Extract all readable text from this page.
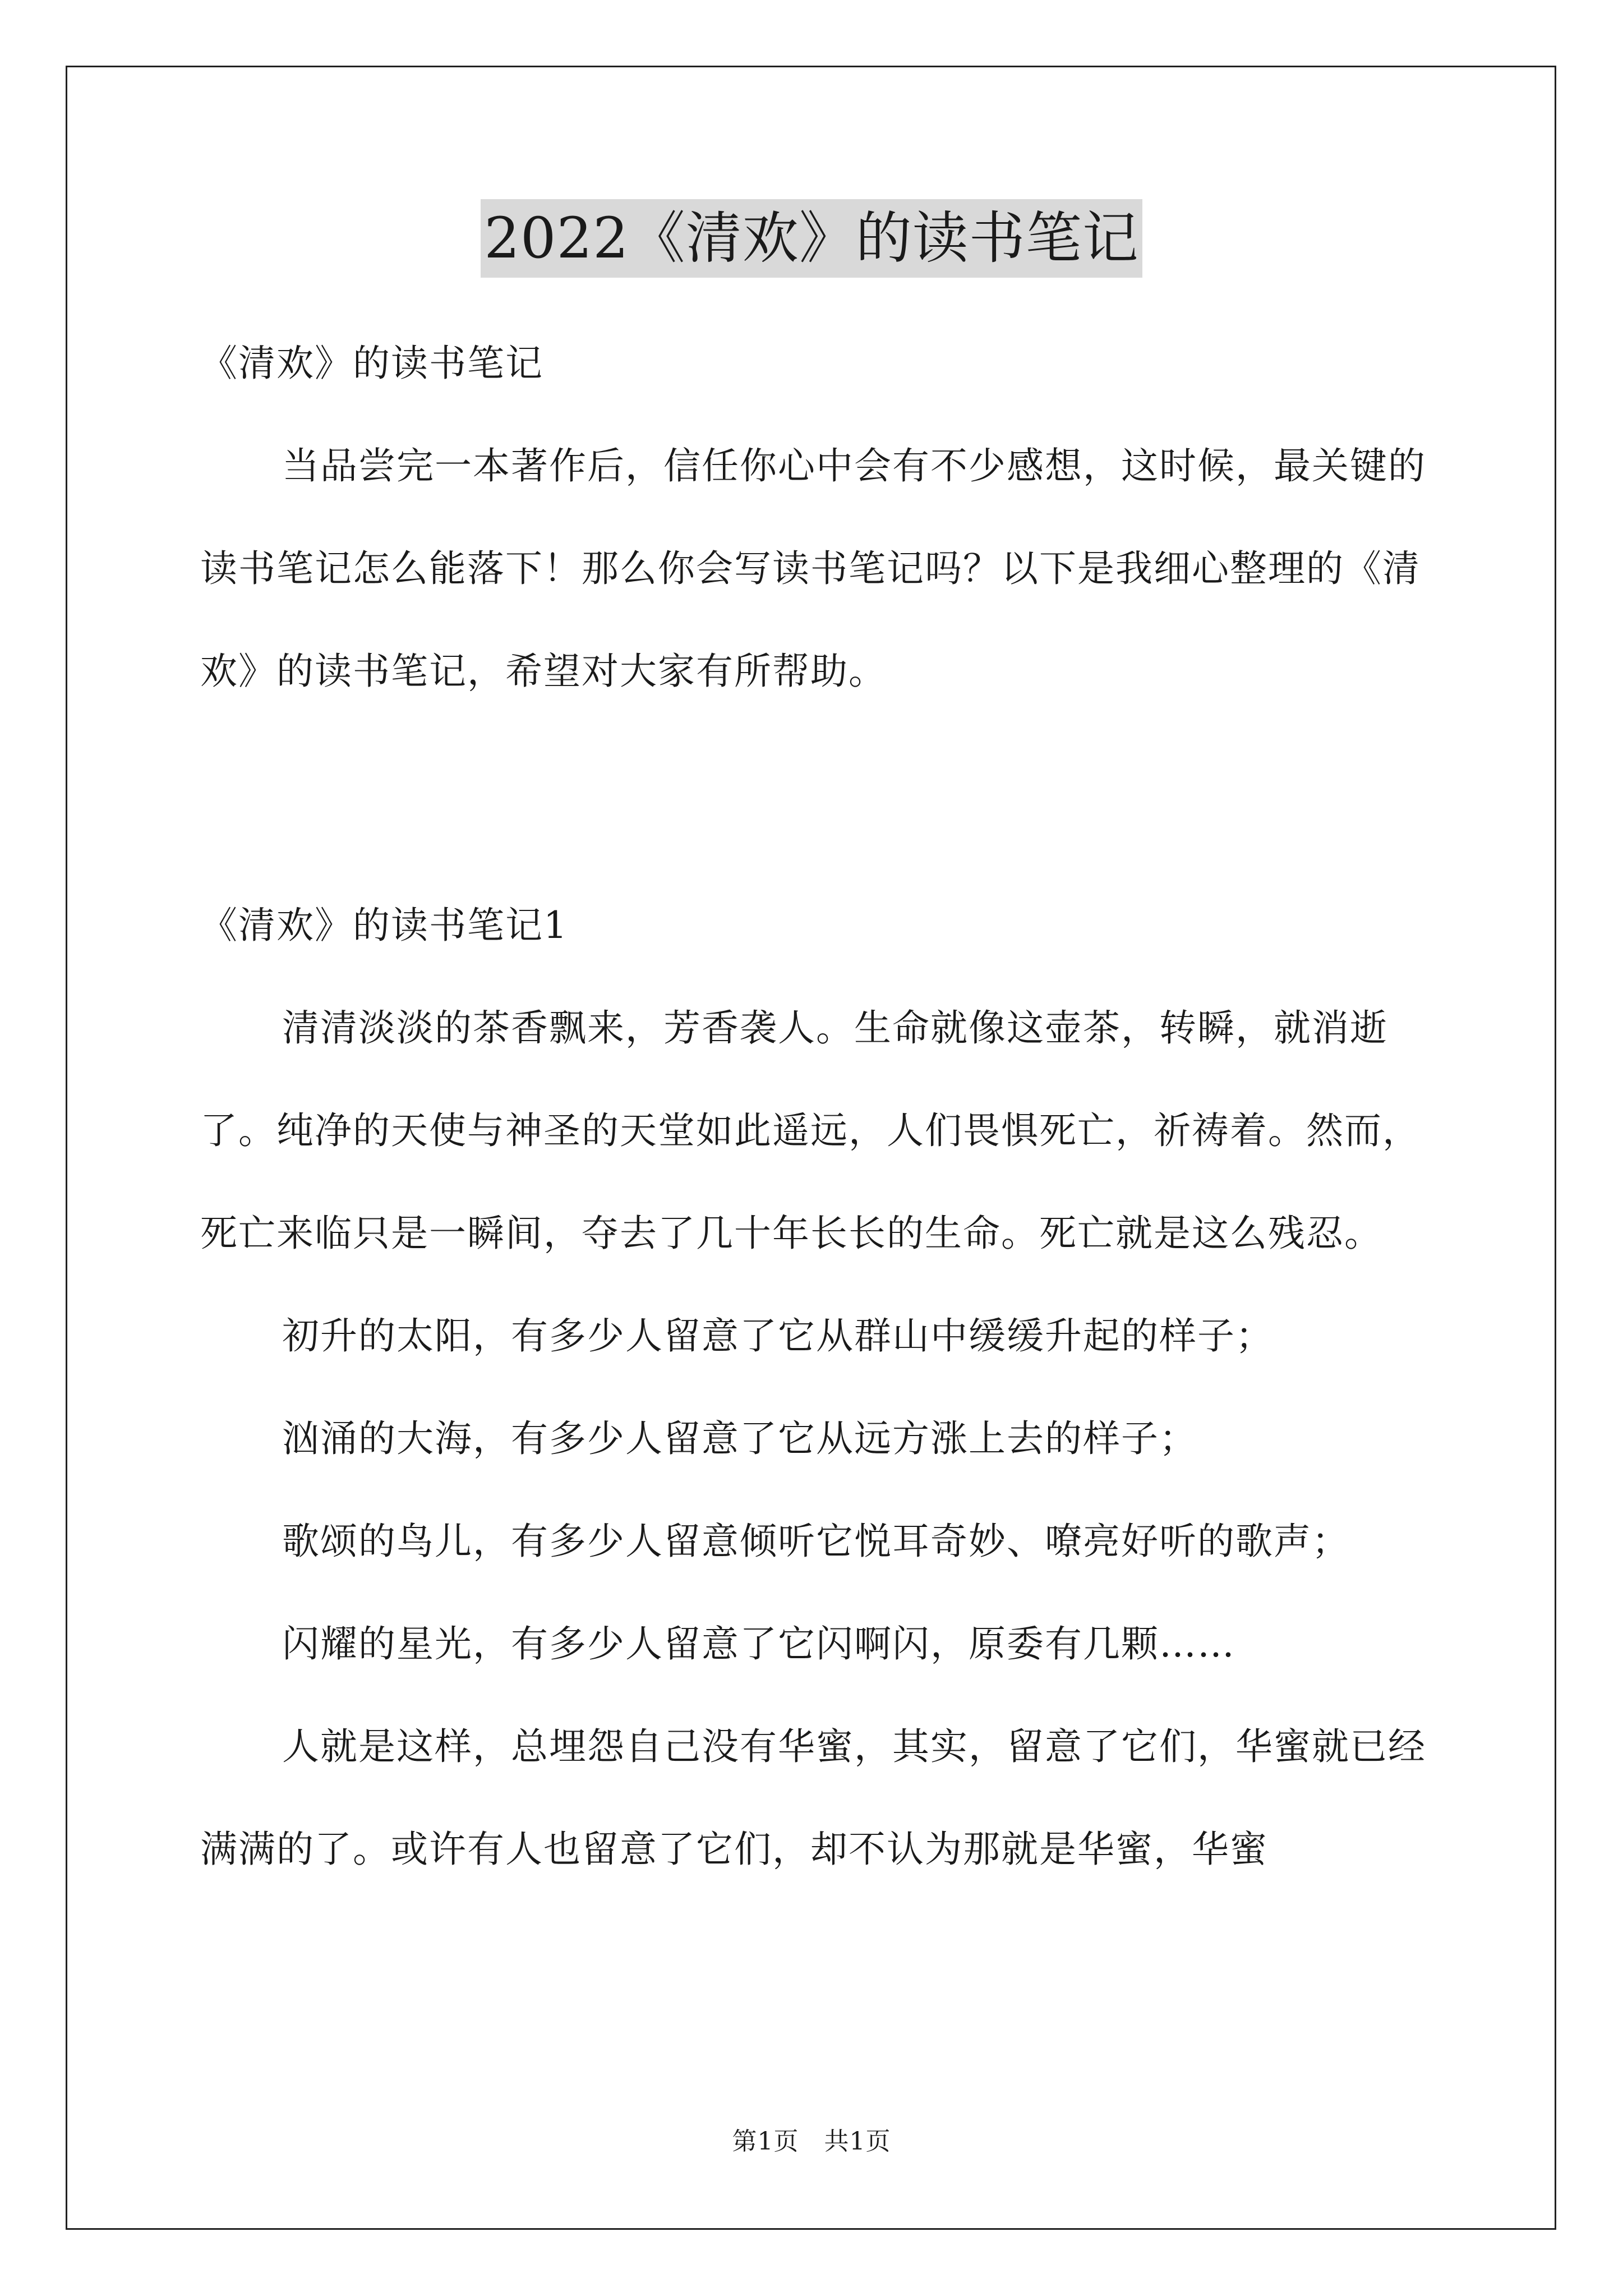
2022《清欢》的读书笔记

《清欢》的读书笔记

当品尝完一本著作后，信任你心中会有不少感想，这时候，最关键的读书笔记怎么能落下！那么你会写读书笔记吗？以下是我细心整理的《清欢》的读书笔记，希望对大家有所帮助。

《清欢》的读书笔记1

清清淡淡的茶香飘来，芳香袭人。生命就像这壶茶，转瞬，就消逝了。纯净的天使与神圣的天堂如此遥远，人们畏惧死亡，祈祷着。然而，死亡来临只是一瞬间，夺去了几十年长长的生命。死亡就是这么残忍。

初升的太阳，有多少人留意了它从群山中缓缓升起的样子；

汹涌的大海，有多少人留意了它从远方涨上去的样子；

歌颂的鸟儿，有多少人留意倾听它悦耳奇妙、嘹亮好听的歌声；

闪耀的星光，有多少人留意了它闪啊闪，原委有几颗……

人就是这样，总埋怨自己没有华蜜，其实，留意了它们，华蜜就已经满满的了。或许有人也留意了它们，却不认为那就是华蜜，华蜜

第1页　共1页
